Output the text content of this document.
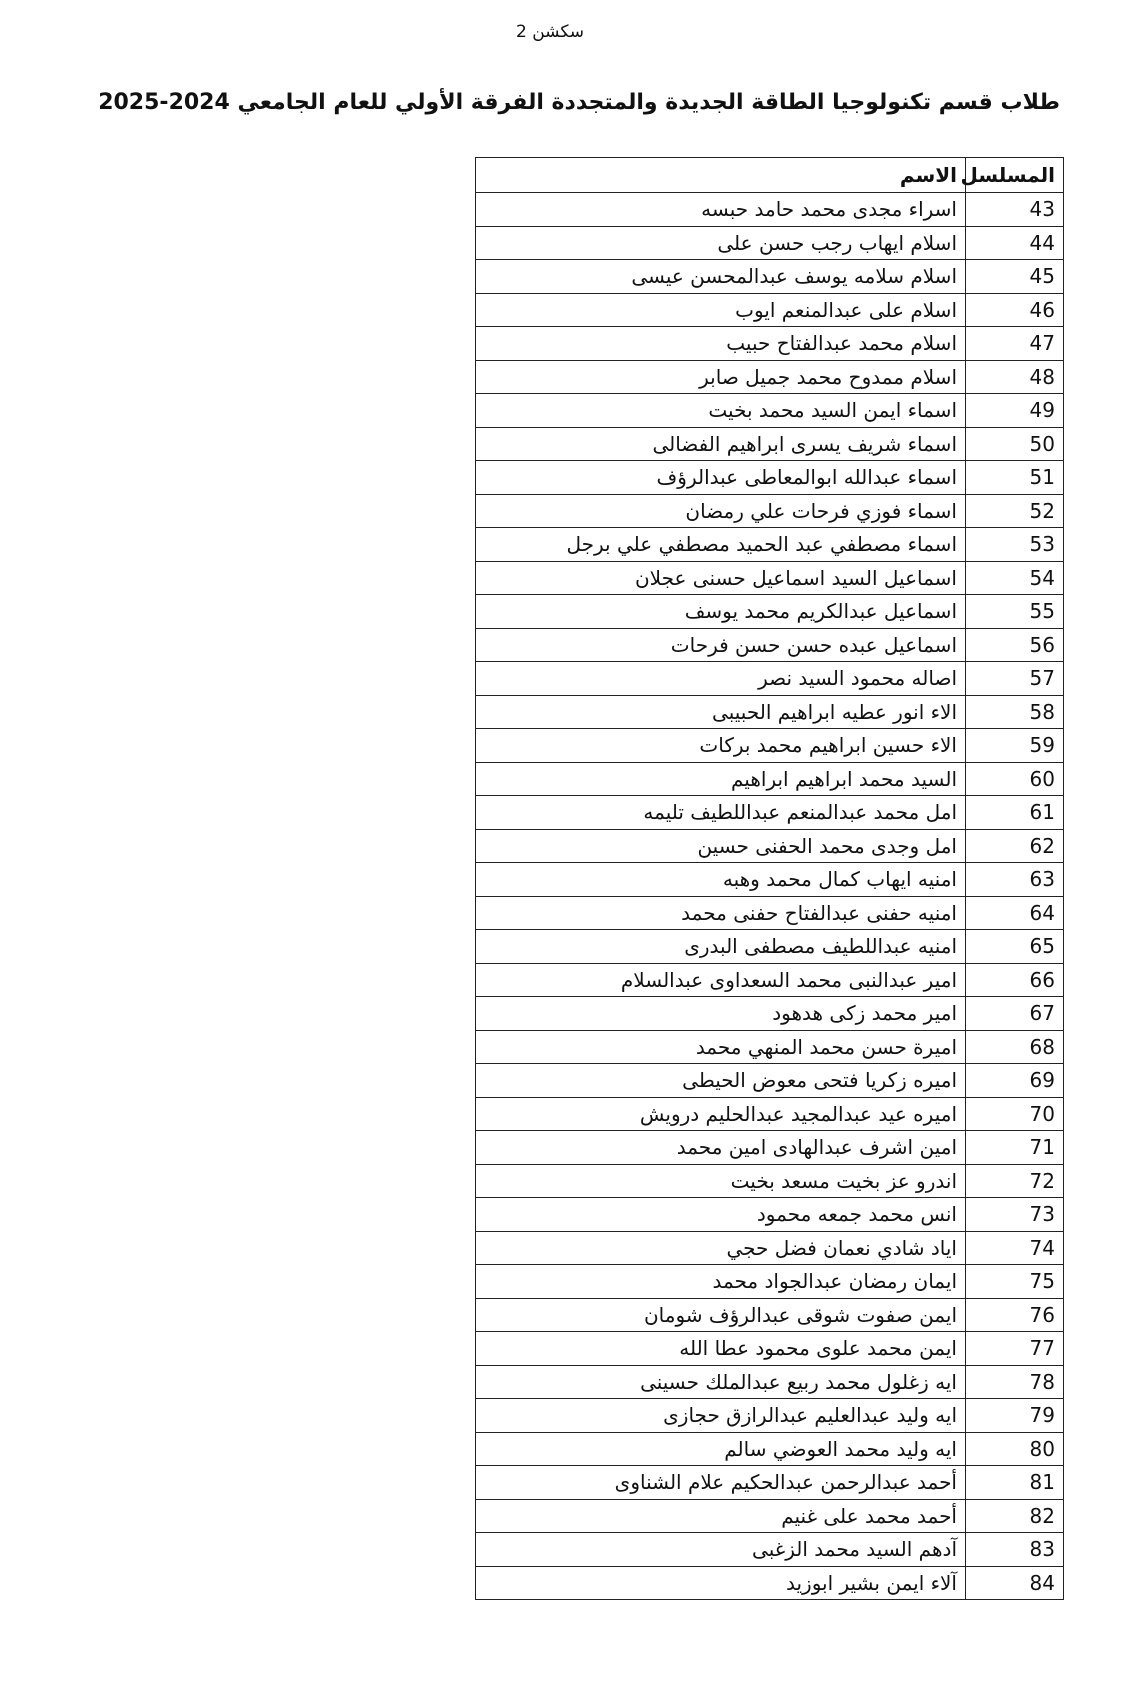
سكشن 2
طلاب قسم تكنولوجيا الطاقة الجديدة والمتجددة الفرقة الأولي للعام الجامعي 2024-2025
المسلسل	الاسم
43	اسراء مجدى محمد حامد حبسه
44	اسلام ايهاب رجب حسن على
45	اسلام سلامه يوسف عبدالمحسن عيسى
46	اسلام على عبدالمنعم ايوب
47	اسلام محمد عبدالفتاح حبيب
48	اسلام ممدوح محمد جميل صابر
49	اسماء ايمن السيد محمد بخيت
50	اسماء شريف يسرى ابراهيم الفضالى
51	اسماء عبدالله ابوالمعاطى عبدالرؤف
52	اسماء فوزي فرحات علي رمضان
53	اسماء مصطفي عبد الحميد مصطفي علي برجل
54	اسماعيل السيد اسماعيل حسنى عجلان
55	اسماعيل عبدالكريم محمد يوسف
56	اسماعيل عبده حسن حسن فرحات
57	اصاله محمود السيد نصر
58	الاء انور عطيه ابراهيم الحبيبى
59	الاء حسين ابراهيم محمد بركات
60	السيد محمد ابراهيم ابراهيم
61	امل محمد عبدالمنعم عبداللطيف تليمه
62	امل وجدى محمد الحفنى حسين
63	امنيه ايهاب كمال محمد وهبه
64	امنيه حفنى عبدالفتاح حفنى محمد
65	امنيه عبداللطيف مصطفى البدرى
66	امير عبدالنبى محمد السعداوى عبدالسلام
67	امير محمد زكى هدهود
68	اميرة حسن محمد المنهي محمد
69	اميره زكريا فتحى معوض الحيطى
70	اميره عيد عبدالمجيد عبدالحليم درويش
71	امين اشرف عبدالهادى امين محمد
72	اندرو عز بخيت مسعد بخيت
73	انس محمد جمعه محمود
74	اياد شادي نعمان فضل حجي
75	ايمان رمضان عبدالجواد محمد
76	ايمن صفوت شوقى عبدالرؤف شومان
77	ايمن محمد علوى محمود عطا الله
78	ايه زغلول محمد ربيع عبدالملك حسينى
79	ايه وليد عبدالعليم عبدالرازق حجازى
80	ايه وليد محمد العوضي سالم
81	أحمد عبدالرحمن عبدالحكيم علام الشناوى
82	أحمد محمد على غنيم
83	آدهم السيد محمد الزغبى
84	آلاء ايمن بشير ابوزيد
